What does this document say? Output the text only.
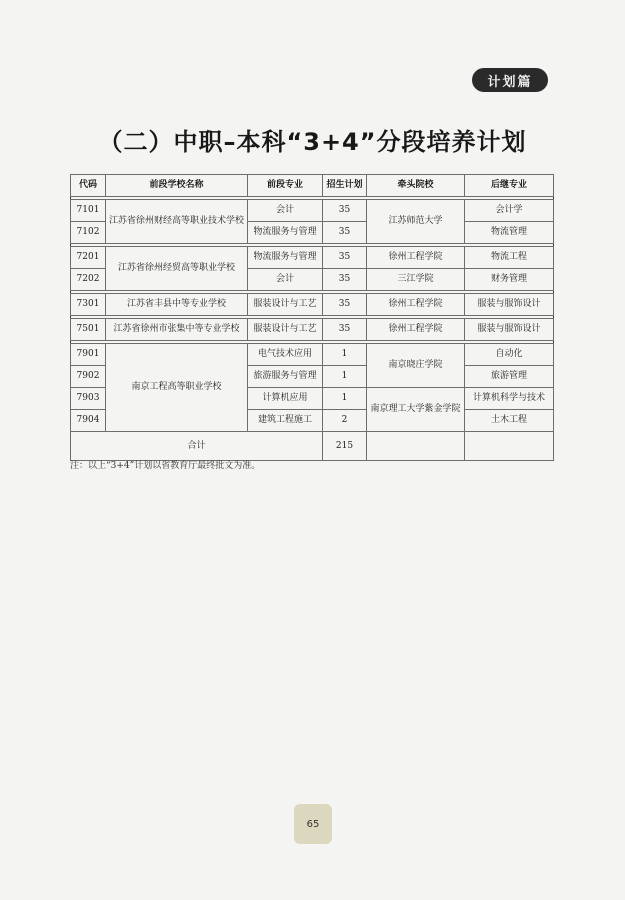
计划篇
（二）中职–本科“3+4”分段培养计划
代码	前段学校名称	前段专业	招生计划	牵头院校	后继专业

7101	江苏省徐州财经高等职业技术学校	会计	35	江苏师范大学	会计学
7102		物流服务与管理	35		物流管理

7201	江苏省徐州经贸高等职业学校	物流服务与管理	35	徐州工程学院	物流工程
7202		会计	35	三江学院	财务管理

7301	江苏省丰县中等专业学校	服装设计与工艺	35	徐州工程学院	服装与服饰设计

7501	江苏省徐州市张集中等专业学校	服装设计与工艺	35	徐州工程学院	服装与服饰设计

7901	南京工程高等职业学校	电气技术应用	1	南京晓庄学院	自动化
7902		旅游服务与管理	1		旅游管理
7903		计算机应用	1	南京理工大学紫金学院	计算机科学与技术
7904		建筑工程施工	2		土木工程
合计			215		
注：以上“3+4”计划以省教育厅最终批文为准。
65
